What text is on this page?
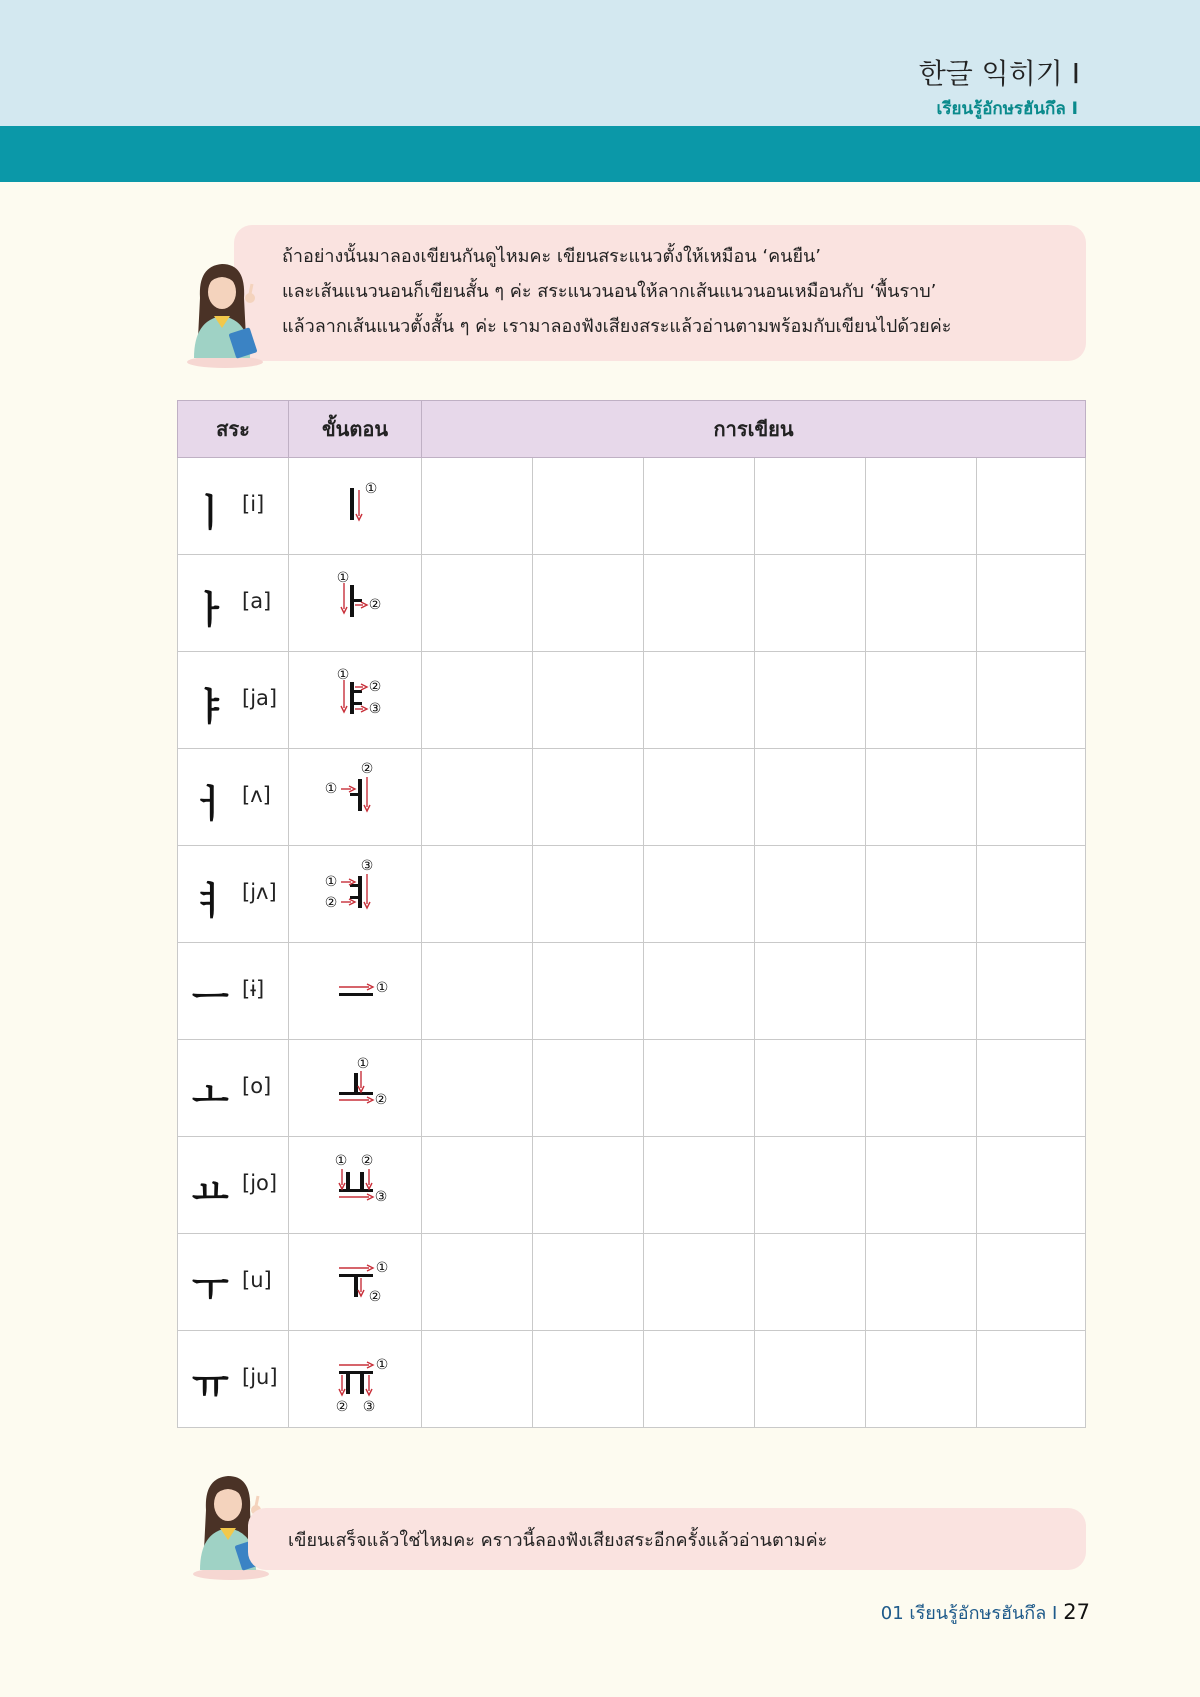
한글 익히기 I
เรียนรู้อักษรฮันกึล I

ถ้าอย่างนั้นมาลองเขียนกันดูไหมคะ เขียนสระแนวตั้งให้เหมือน ‘คนยืน’

และเส้นแนวนอนก็เขียนสั้น ๆ ค่ะ สระแนวนอนให้ลากเส้นแนวนอนเหมือนกับ ‘พื้นราบ’

แล้วลากเส้นแนวตั้งสั้น ๆ ค่ะ เรามาลองฟังเสียงสระแล้วอ่านตามพร้อมกับเขียนไปด้วยค่ะ

สระ	ขั้นตอน	การเขียน					

ㅣ [i]	①						

ㅏ [a]	①
②						

ㅑ [ja]	①
②
③						

ㅓ [ʌ]	①
②						

ㅕ [jʌ]	①
②
③						

ㅡ [ɨ]	①						

ㅗ [o]	①
②						

ㅛ [jo]	① ②
③						

ㅜ [u]	①
②						

ㅠ [ju]	①
② ③						

เขียนเสร็จแล้วใช่ไหมคะ คราวนี้ลองฟังเสียงสระอีกครั้งแล้วอ่านตามค่ะ

01 เรียนรู้อักษรฮันกึล I 27
